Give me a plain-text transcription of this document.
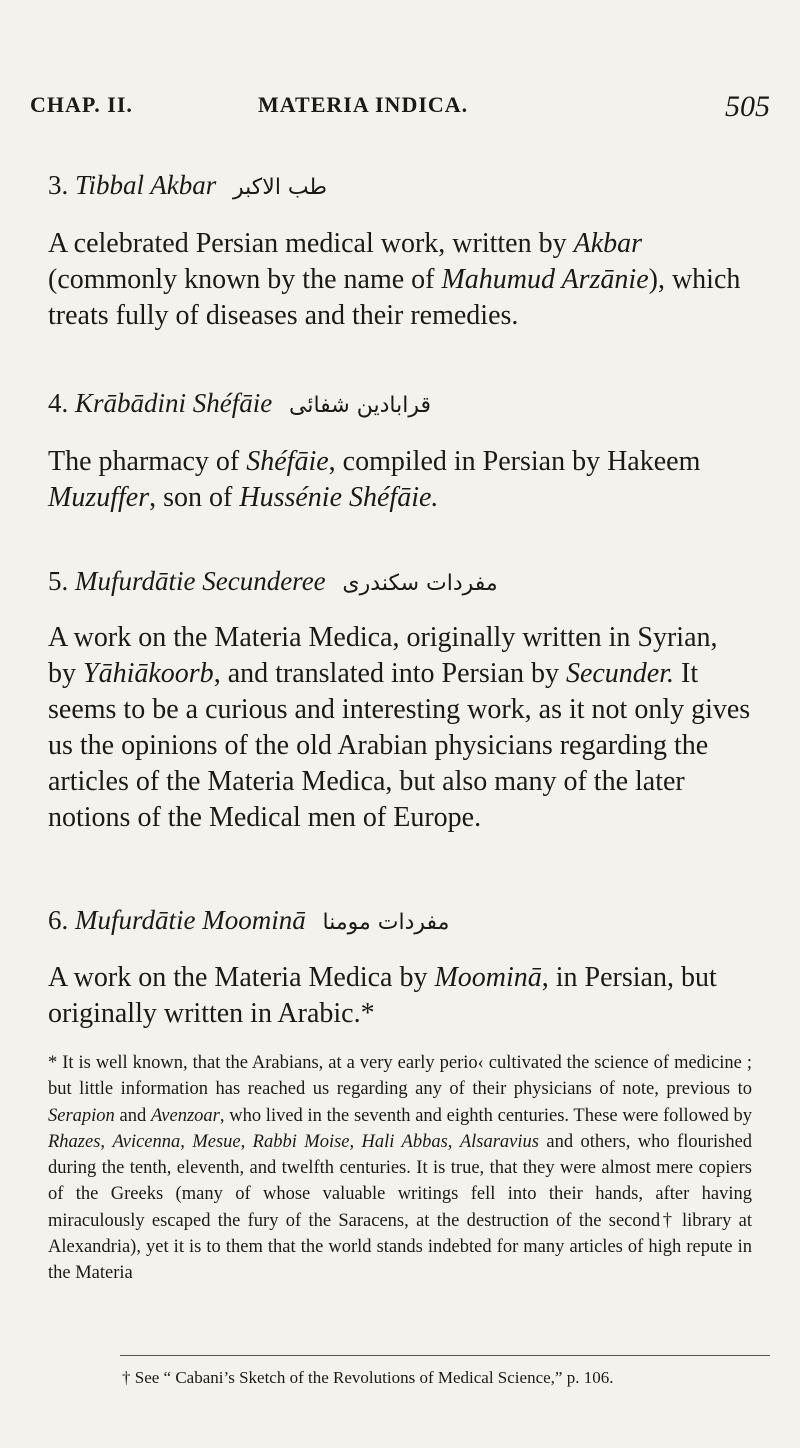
CHAP. II.	MATERIA INDICA.	505
3. Tibbal Akbar طب الاکبر
A celebrated Persian medical work, written by Akbar (commonly known by the name of Mahumud Arzānie), which treats fully of diseases and their remedies.
4. Krābādini Shéfāie قرابادین شفائی
The pharmacy of Shéfāie, compiled in Persian by Hakeem Muzuffer, son of Hussénie Shéfāie.
5. Mufurdātie Secunderee مفردات سکندری
A work on the Materia Medica, originally written in Syrian, by Yāhiākoorb, and translated into Persian by Secunder. It seems to be a curious and interesting work, as it not only gives us the opinions of the old Arabian physicians regarding the articles of the Materia Medica, but also many of the later notions of the Medical men of Europe.
6. Mufurdātie Moominā مفردات مومنا
A work on the Materia Medica by Moominā, in Persian, but originally written in Arabic.*
* It is well known, that the Arabians, at a very early perio‹ cultivated the science of medicine ; but little information has reached us regarding any of their physicians of note, previous to Serapion and Avenzoar, who lived in the seventh and eighth centuries. These were followed by Rhazes, Avicenna, Mesue, Rabbi Moise, Hali Abbas, Alsaravius and others, who flourished during the tenth, eleventh, and twelfth centuries. It is true, that they were almost mere copiers of the Greeks (many of whose valuable writings fell into their hands, after having miraculously escaped the fury of the Saracens, at the destruction of the second† library at Alexandria), yet it is to them that the world stands indebted for many articles of high repute in the Materia
† See “ Cabani’s Sketch of the Revolutions of Medical Science,” p. 106.
